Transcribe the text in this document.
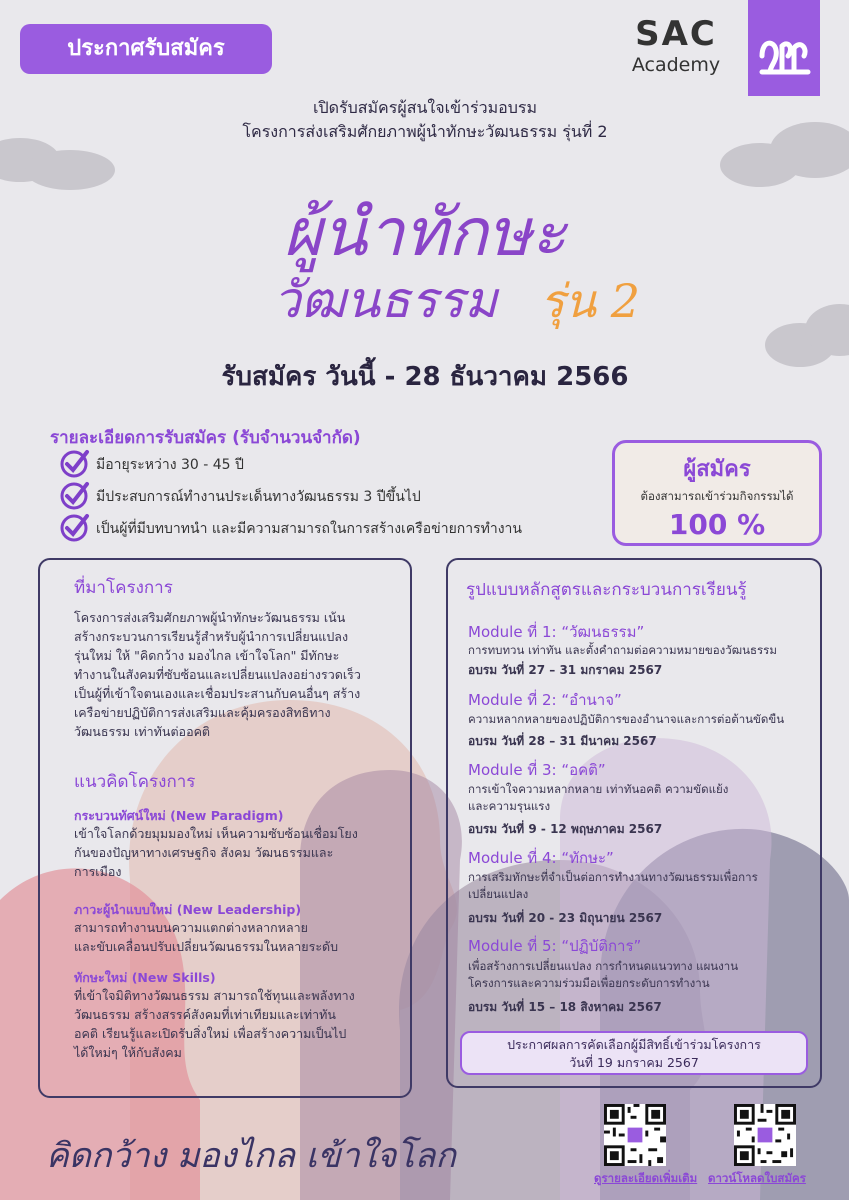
ประกาศรับสมัคร	SAC
Academy
เปิดรับสมัครผู้สนใจเข้าร่วมอบรม
โครงการส่งเสริมศักยภาพผู้นำทักษะวัฒนธรรม รุ่นที่ 2
ผู้นำทักษะ
วัฒนธรรม รุ่น 2
รับสมัคร วันนี้ - 28 ธันวาคม 2566
รายละเอียดการรับสมัคร (รับจำนวนจำกัด)
มีอายุระหว่าง 30 - 45 ปี
มีประสบการณ์ทำงานประเด็นทางวัฒนธรรม 3 ปีขึ้นไป
เป็นผู้ที่มีบทบาทนำ และมีความสามารถในการสร้างเครือข่ายการทำงาน
ผู้สมัคร
ต้องสามารถเข้าร่วมกิจกรรมได้
100 %
ที่มาโครงการ
โครงการส่งเสริมศักยภาพผู้นำทักษะวัฒนธรรม เน้น
สร้างกระบวนการเรียนรู้สำหรับผู้นำการเปลี่ยนแปลง
รุ่นใหม่ ให้ "คิดกว้าง มองไกล เข้าใจโลก" มีทักษะ
ทำงานในสังคมที่ซับซ้อนและเปลี่ยนแปลงอย่างรวดเร็ว
เป็นผู้ที่เข้าใจตนเองและเชื่อมประสานกับคนอื่นๆ สร้าง
เครือข่ายปฏิบัติการส่งเสริมและคุ้มครองสิทธิทาง
วัฒนธรรม เท่าทันต่ออคติ
แนวคิดโครงการ
กระบวนทัศน์ใหม่ (New Paradigm)
เข้าใจโลกด้วยมุมมองใหม่ เห็นความซับซ้อนเชื่อมโยง
กันของปัญหาทางเศรษฐกิจ สังคม วัฒนธรรมและ
การเมือง
ภาวะผู้นำแบบใหม่ (New Leadership)
สามารถทำงานบนความแตกต่างหลากหลาย
และขับเคลื่อนปรับเปลี่ยนวัฒนธรรมในหลายระดับ
ทักษะใหม่ (New Skills)
ที่เข้าใจมิติทางวัฒนธรรม สามารถใช้ทุนและพลังทาง
วัฒนธรรม สร้างสรรค์สังคมที่เท่าเทียมและเท่าทัน
อคติ เรียนรู้และเปิดรับสิ่งใหม่ เพื่อสร้างความเป็นไป
ได้ใหม่ๆ ให้กับสังคม
รูปแบบหลักสูตรและกระบวนการเรียนรู้
Module ที่ 1: “วัฒนธรรม”
การทบทวน เท่าทัน และตั้งคำถามต่อความหมายของวัฒนธรรม
อบรม วันที่ 27 – 31 มกราคม 2567
Module ที่ 2: “อำนาจ”
ความหลากหลายของปฏิบัติการของอำนาจและการต่อต้านขัดขืน
อบรม วันที่ 28 – 31 มีนาคม 2567
Module ที่ 3: “อคติ”
การเข้าใจความหลากหลาย เท่าทันอคติ ความขัดแย้ง
และความรุนแรง
อบรม วันที่ 9 - 12 พฤษภาคม 2567
Module ที่ 4: “ทักษะ”
การเสริมทักษะที่จำเป็นต่อการทำงานทางวัฒนธรรมเพื่อการ
เปลี่ยนแปลง
อบรม วันที่ 20 - 23 มิถุนายน 2567
Module ที่ 5: “ปฏิบัติการ”
เพื่อสร้างการเปลี่ยนแปลง การกำหนดแนวทาง แผนงาน
โครงการและความร่วมมือเพื่อยกระดับการทำงาน
อบรม วันที่ 15 – 18 สิงหาคม 2567
ประกาศผลการคัดเลือกผู้มีสิทธิ์เข้าร่วมโครงการ
วันที่ 19 มกราคม 2567
คิดกว้าง มองไกล เข้าใจโลก
ดูรายละเอียดเพิ่มเติม ดาวน์โหลดใบสมัคร
